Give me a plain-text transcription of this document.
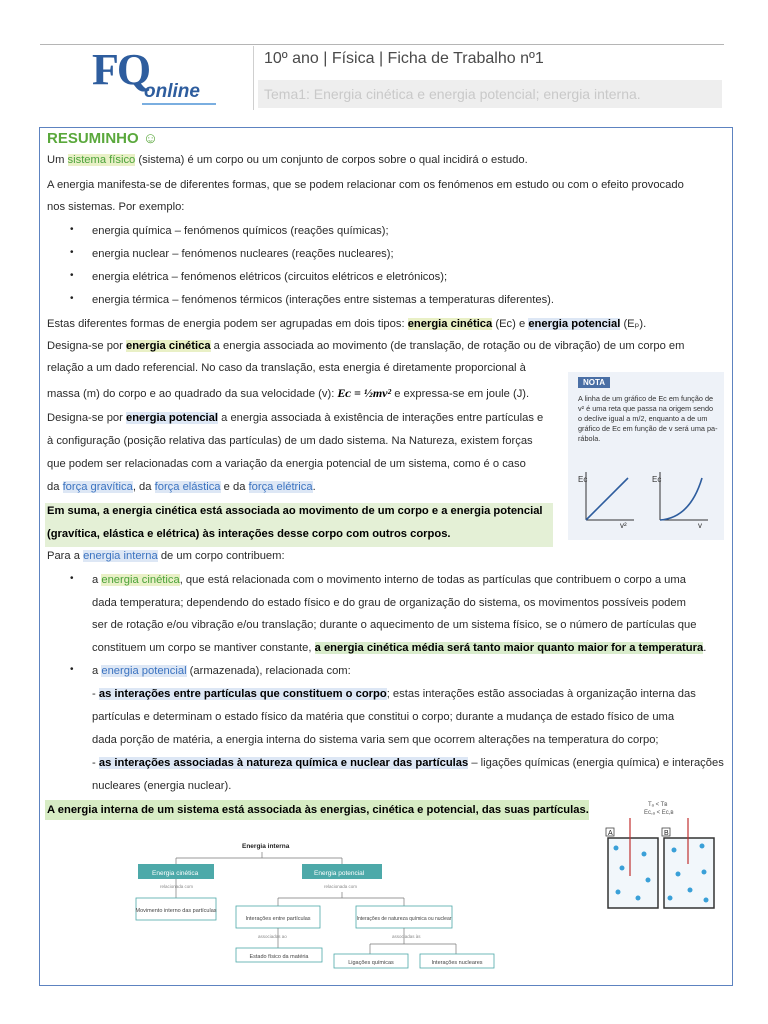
FQ
online
10º ano | Física | Ficha de Trabalho nº1
Tema1: Energia cinética e energia potencial; energia interna.
RESUMINHO ☺
Um sistema físico (sistema) é um corpo ou um conjunto de corpos sobre o qual incidirá o estudo.
A energia manifesta-se de diferentes formas, que se podem relacionar com os fenómenos em estudo ou com o efeito provocado
nos sistemas. Por exemplo:
• energia química – fenómenos químicos (reações químicas);
• energia nuclear – fenómenos nucleares (reações nucleares);
• energia elétrica – fenómenos elétricos (circuitos elétricos e eletrónicos);
• energia térmica – fenómenos térmicos (interações entre sistemas a temperaturas diferentes).
Estas diferentes formas de energia podem ser agrupadas em dois tipos: energia cinética (Eᴄ) e energia potencial (Eₚ).
Designa-se por energia cinética a energia associada ao movimento (de translação, de rotação ou de vibração) de um corpo em
relação a um dado referencial. No caso da translação, esta energia é diretamente proporcional à
massa (m) do corpo e ao quadrado da sua velocidade (v): Eᴄ = ½mv² e expressa-se em joule (J).
Designa-se por energia potencial a energia associada à existência de interações entre partículas e
à configuração (posição relativa das partículas) de um dado sistema. Na Natureza, existem forças
que podem ser relacionadas com a variação da energia potencial de um sistema, como é o caso
da força gravítica, da força elástica e da força elétrica.
Em suma, a energia cinética está associada ao movimento de um corpo e a energia potencial
(gravítica, elástica e elétrica) às interações desse corpo com outros corpos.
NOTA
A linha de um gráfico de Eᴄ em função de
v² é uma reta que passa na origem sendo
o declive igual a m/2, enquanto a de um
gráfico de Eᴄ em função de v será uma pa-
rábola.
Eᴄ
v²
Eᴄ
v
Para a energia interna de um corpo contribuem:
• a energia cinética, que está relacionada com o movimento interno de todas as partículas que contribuem o corpo a uma
dada temperatura; dependendo do estado físico e do grau de organização do sistema, os movimentos possíveis podem
ser de rotação e/ou vibração e/ou translação; durante o aquecimento de um sistema físico, se o número de partículas que
constituem um corpo se mantiver constante, a energia cinética média será tanto maior quanto maior for a temperatura.
• a energia potencial (armazenada), relacionada com:
- as interações entre partículas que constituem o corpo; estas interações estão associadas à organização interna das
partículas e determinam o estado físico da matéria que constitui o corpo; durante a mudança de estado físico de uma
dada porção de matéria, a energia interna do sistema varia sem que ocorrem alterações na temperatura do corpo;
- as interações associadas à natureza química e nuclear das partículas – ligações químicas (energia química) e interações
nucleares (energia nuclear).
A energia interna de um sistema está associada às energias, cinética e potencial, das suas partículas.	Tₐ < Tʙ
Eᴄ,ₐ < Eᴄ,ʙ
A	B
Energia interna
Energia cinética	Energia potencial
relacionada com	relacionada com
Movimento interno das partículas
Interações entre partículas	Interações de natureza química ou nuclear
associadas ao	associadas às
Estado físico da matéria
Ligações químicas	Interações nucleares
